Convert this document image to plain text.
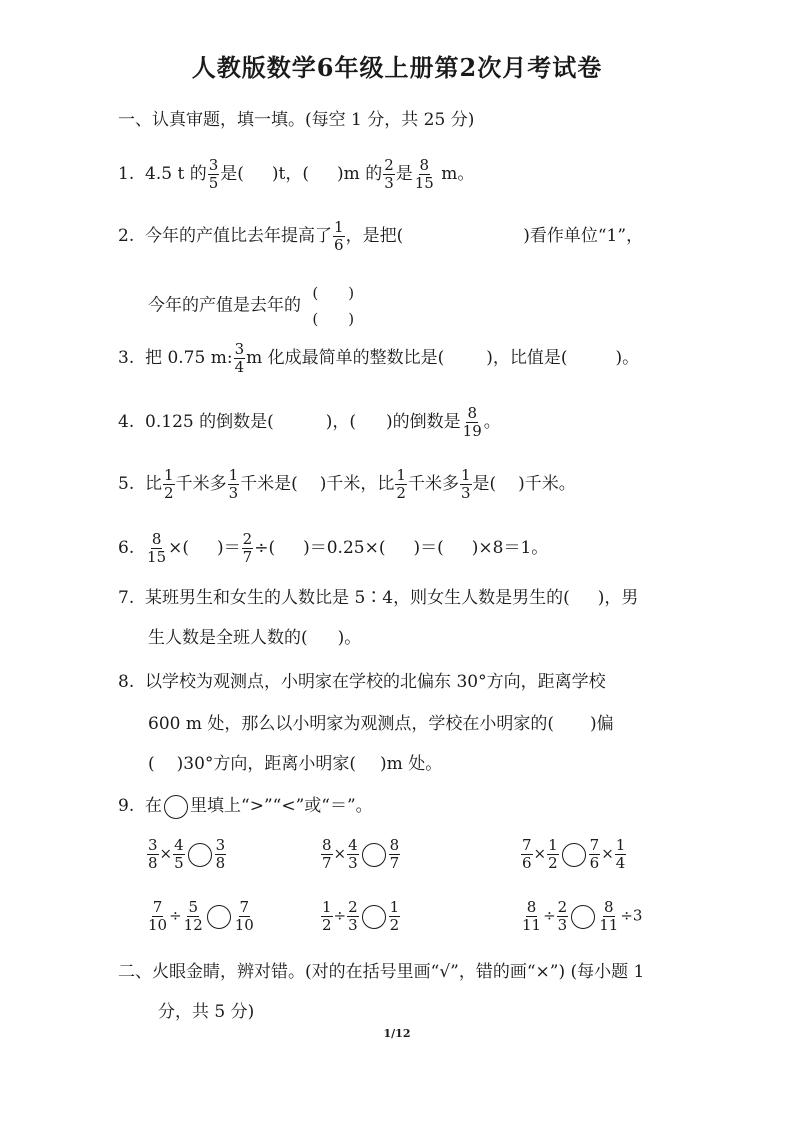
人教版数学6年级上册第2次月考试卷
一、认真审题，填一填。(每空 1 分，共 25 分)
1. 4.5 t 的 $\frac{3}{5}$ 是( )t，( )m 的 $\frac{2}{3}$ 是 $\frac{8}{15}$ m。
2. 今年的产值比去年提高了 $\frac{1}{6}$ ，是把(	)看作单位“1”，
今年的产值是去年的
(　　)
(　　)
3. 把 0.75 m: $\frac{3}{4}$ m 化成最简单的整数比是( )，比值是(	)。
4. 0.125 的倒数是(	)，( )的倒数是 $\frac{8}{19}$ 。
5. 比 $\frac{1}{2}$ 千米多 $\frac{1}{3}$ 千米是( )千米，比 $\frac{1}{2}$ 千米多 $\frac{1}{3}$ 是( )千米。
6. $\frac{8}{15}$ ×( )＝ $\frac{2}{7}$ ÷( )＝0.25×( )＝( )×8＝1。
7. 某班男生和女生的人数比是 5∶4，则女生人数是男生的( )，男
生人数是全班人数的( )。
8. 以学校为观测点，小明家在学校的北偏东 30°方向，距离学校
600 m 处，那么以小明家为观测点，学校在小明家的( )偏
( )30°方向，距离小明家( )m 处。
9. 在 里填上“>”“<”或“＝”。
$\frac{3}{8} \times \frac{4}{5} \frac{3}{8}$	$\frac{8}{7} \times \frac{4}{3} \frac{8}{7}$	$\frac{7}{6} \times \frac{1}{2} \frac{7}{6} \times \frac{1}{4}$
$\frac{7}{10} \div \frac{5}{12} \frac{7}{10}$	$\frac{1}{2} \div \frac{2}{3} \frac{1}{2}$	$\frac{8}{11} \div \frac{2}{3} \frac{8}{11} \div 3$
二、火眼金睛，辨对错。(对的在括号里画“√”，错的画“×”) (每小题 1
分，共 5 分)
1/12
